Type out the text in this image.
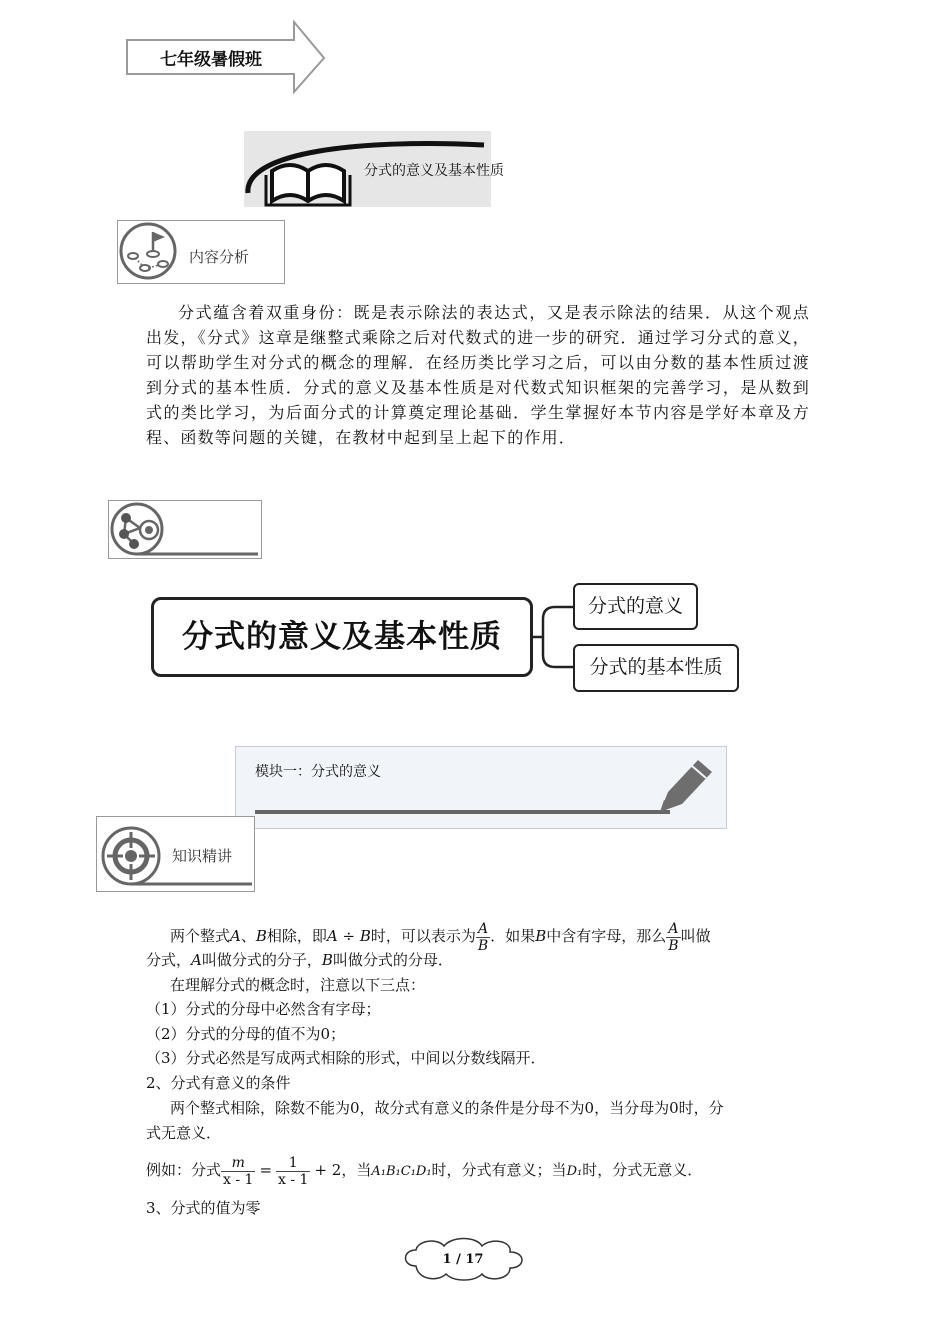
七年级暑假班
分式的意义及基本性质
内容分析

分式蕴含着双重身份：既是表示除法的表达式，又是表示除法的结果．从这个观点出发，《分式》这章是继整式乘除之后对代数式的进一步的研究．通过学习分式的意义，可以帮助学生对分式的概念的理解．在经历类比学习之后，可以由分数的基本性质过渡到分式的基本性质．分式的意义及基本性质是对代数式知识框架的完善学习，是从数到式的类比学习，为后面分式的计算奠定理论基础．学生掌握好本节内容是学好本章及方程、函数等问题的关键，在教材中起到呈上起下的作用．

分式的意义及基本性质
分式的意义
分式的基本性质
模块一：分式的意义
知识精讲
两个整式A、B相除，即A ÷ B时，可以表示为 $\frac{A}{B}$ ．如果B中含有字母，那么 $\frac{A}{B}$ 叫做
分式，A叫做分式的分子，B叫做分式的分母．
在理解分式的概念时，注意以下三点：
（1）分式的分母中必然含有字母；
（2）分式的分母的值不为0；
（3）分式必然是写成两式相除的形式，中间以分数线隔开．
2、分式有意义的条件
两个整式相除，除数不能为0，故分式有意义的条件是分母不为0，当分母为0时，分
式无意义．
例如：分式 $\frac{m}{x - 1} = \frac{1}{x - 1} + 2$，当A₁B₁C₁D₁时，分式有意义；当D₁时，分式无意义．
3、分式的值为零
1 / 17
